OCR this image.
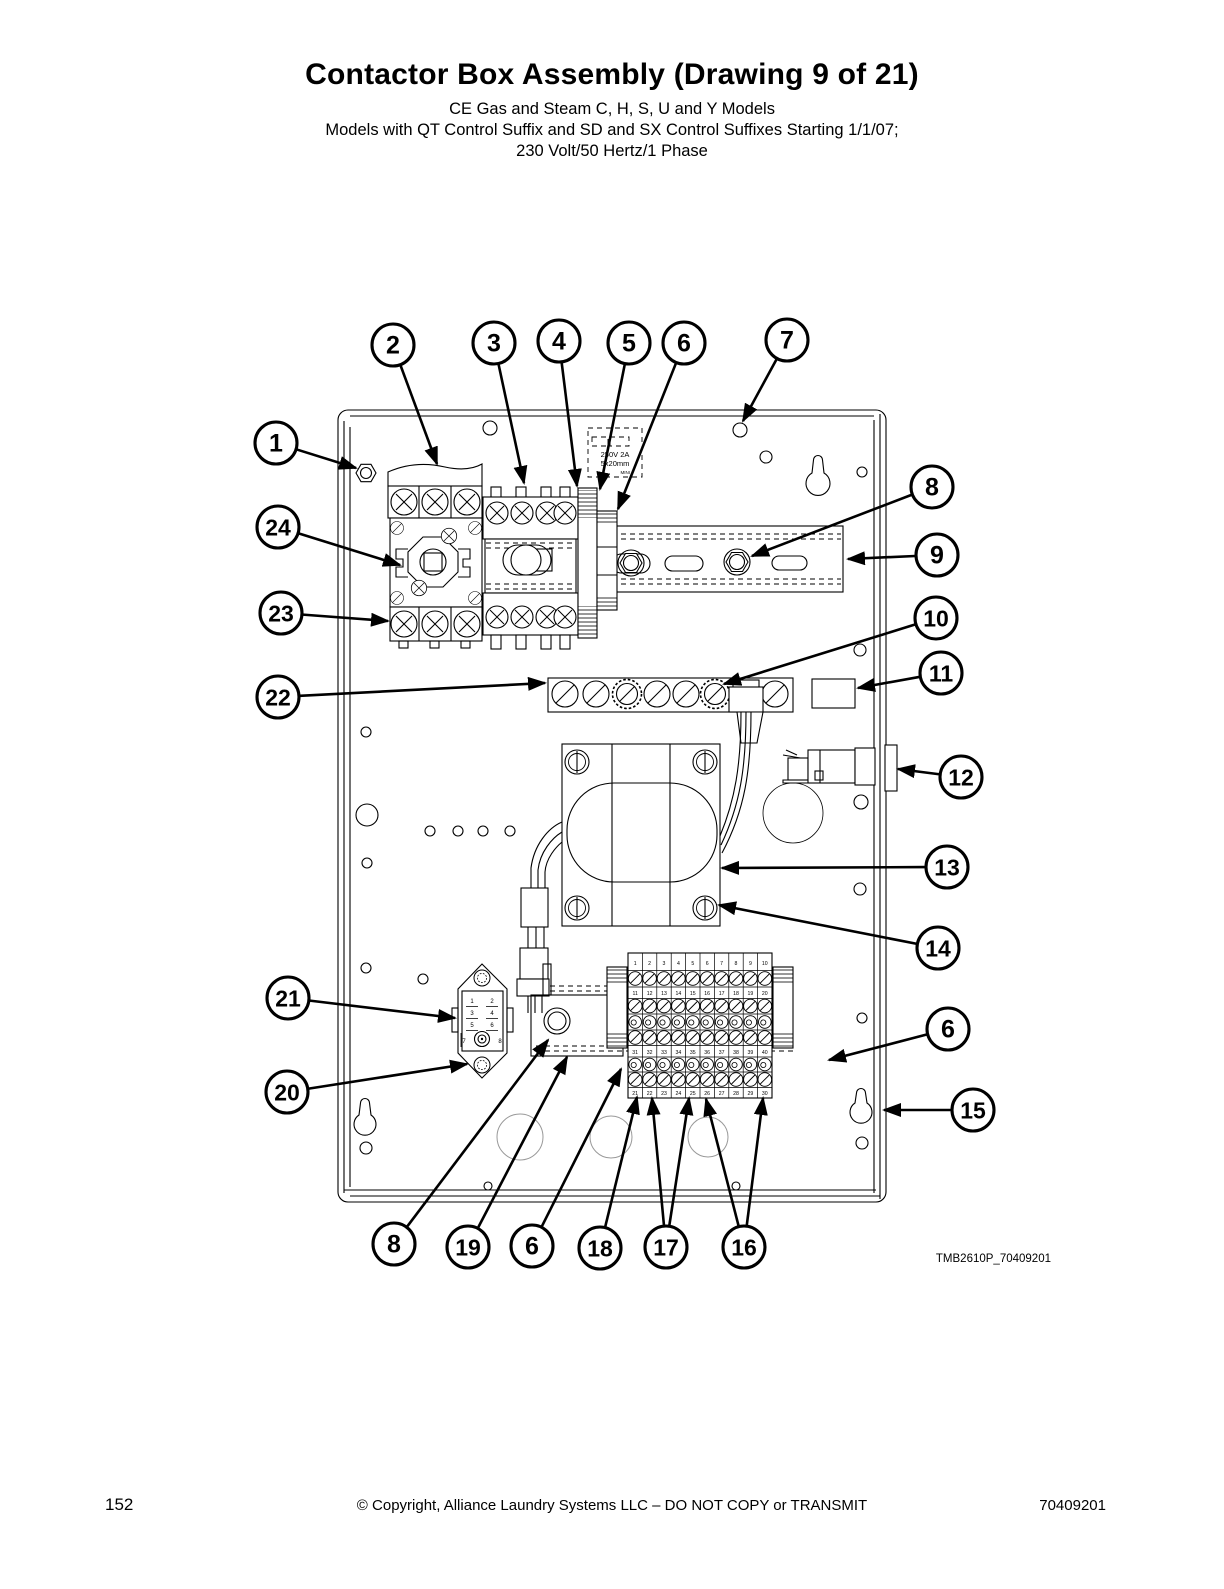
Contactor Box Assembly (Drawing 9 of 21)
CE Gas and Steam C, H, S, U and Y Models
Models with QT Control Suffix and SD and SX Control Suffixes Starting 1/1/07;
230 Volt/50 Hertz/1 Phase
250V 2A
5x20mm
MINI
1	2
3	4
5	6
7	8
1 2 3 4 5 6 7 8 9 10
11 12 13 14 15 16 17 18 19 20
31 32 33 34 35 36 37 38 39 40
21 22 23 24 25 26 27 28 29 30
1
2	3 4 5 6	7
8
9
10
11
12
13
14
6
15
24
23
22
21
20
8 19 6 18 17 16	TMB2610P_70409201
152	© Copyright, Alliance Laundry Systems LLC – DO NOT COPY or TRANSMIT	70409201
